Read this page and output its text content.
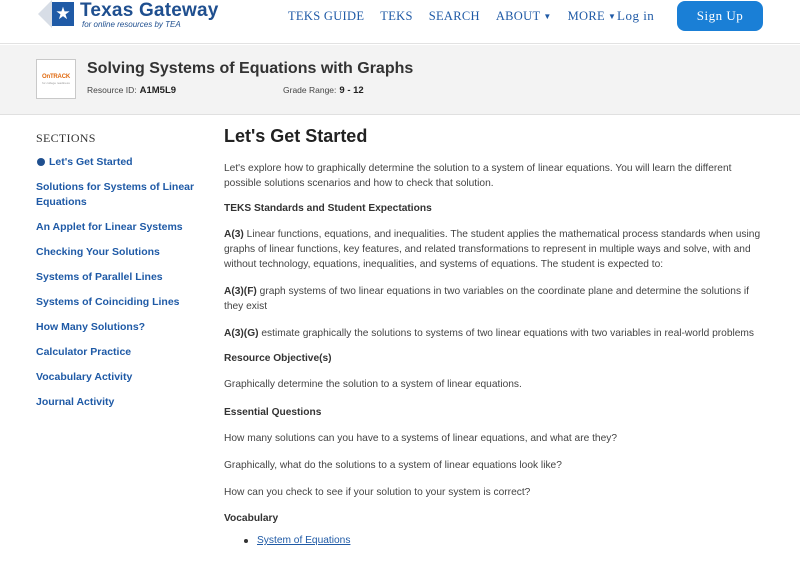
★ Texas Gateway
for online resources by TEA
TEKS GUIDE TEKS SEARCH ABOUT ▼ MORE ▼ Log in	Sign Up
OnTRACK
for college readiness
Solving Systems of Equations with Graphs
Resource ID: A1M5L9	Grade Range: 9 - 12
SECTIONS
Let's Get Started
Solutions for Systems of Linear Equations
An Applet for Linear Systems
Checking Your Solutions
Systems of Parallel Lines
Systems of Coinciding Lines
How Many Solutions?
Calculator Practice
Vocabulary Activity
Journal Activity
Let's Get Started

Let's explore how to graphically determine the solution to a system of linear equations. You will learn the different possible solutions scenarios and how to check that solution.

TEKS Standards and Student Expectations

A(3) Linear functions, equations, and inequalities. The student applies the mathematical process standards when using graphs of linear functions, key features, and related transformations to represent in multiple ways and solve, with and without technology, equations, inequalities, and systems of equations. The student is expected to:

A(3)(F) graph systems of two linear equations in two variables on the coordinate plane and determine the solutions if they exist

A(3)(G) estimate graphically the solutions to systems of two linear equations with two variables in real-world problems

Resource Objective(s)

Graphically determine the solution to a system of linear equations.

Essential Questions

How many solutions can you have to a systems of linear equations, and what are they?

Graphically, what do the solutions to a system of linear equations look like?

How can you check to see if your solution to your system is correct?

Vocabulary
System of Equations
